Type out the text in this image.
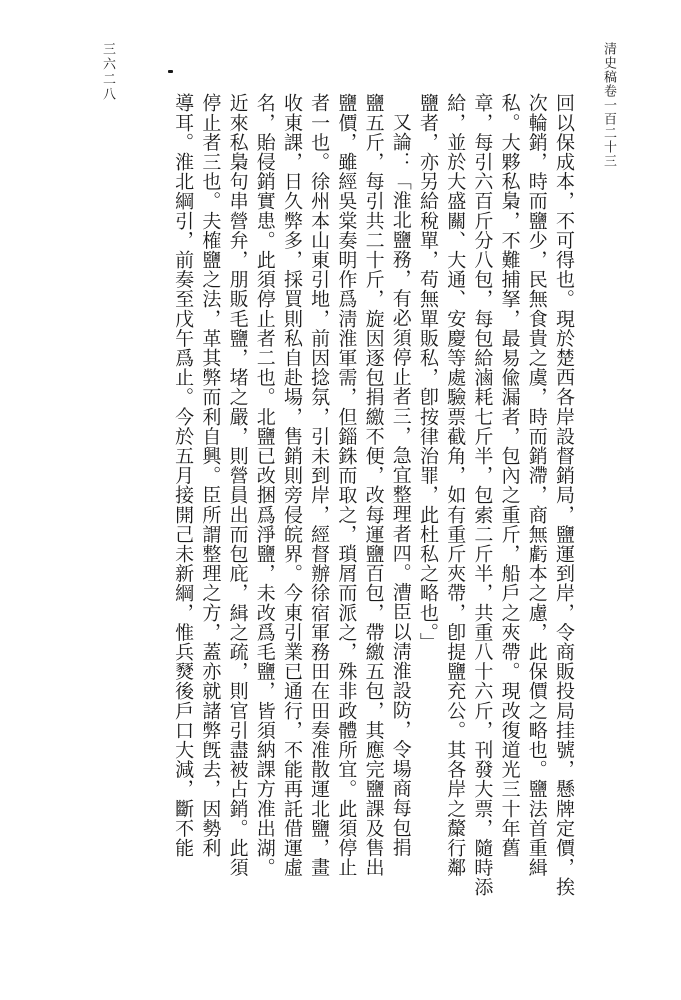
清史稿卷一百二十三
三六二八
回以保成本，不可得也。現於楚西各岸設督銷局，鹽運到岸，令商販投局挂號，懸牌定價，挨
次輪銷，時而鹽少，民無食貴之虞，時而銷滯，商無虧本之慮，此保價之略也。鹽法首重緝
私。大夥私梟，不難捕拏，最易偸漏者，包內之重斤，船戶之夾帶。現改復道光三十年舊
章，每引六百斤分八包，每包給滷耗七斤半，包索二斤半，共重八十六斤，刊發大票，隨時添
給，並於大盛關、大通、安慶等處驗票截角，如有重斤夾帶，卽提鹽充公。其各岸之斄行鄰
鹽者，亦另給稅單，苟無單販私，卽按律治罪，此杜私之略也。」
又論：「淮北鹽務，有必須停止者三，急宜整理者四。漕臣以淸淮設防，令場商每包捐
鹽五斤，每引共二十斤，旋因逐包捐繳不便，改每運鹽百包，帶繳五包，其應完鹽課及售出
鹽價，雖經吳棠奏明作爲淸淮軍需，但錙銖而取之，瑣屑而派之，殊非政體所宜。此須停止
者一也。徐州本山東引地，前因捻氛，引未到岸，經督辦徐宿軍務田在田奏准散運北鹽，畫
收東課，日久弊多，採買則私自赴場，售銷則旁侵皖界。今東引業已通行，不能再託借運虛
名，貽侵銷實患。此須停止者二也。北鹽已改捆爲淨鹽，未改爲毛鹽，皆須納課方准出湖。
近來私梟句串營弁，朋販毛鹽，堵之嚴，則營員出而包庇，緝之疏，則官引盡被占銷。此須
停止者三也。夫榷鹽之法，革其弊而利自興。臣所謂整理之方，蓋亦就諸弊旣去，因勢利
導耳。淮北綱引，前奏至戊午爲止。今於五月接開己未新綱，惟兵燹後戶口大減，斷不能
